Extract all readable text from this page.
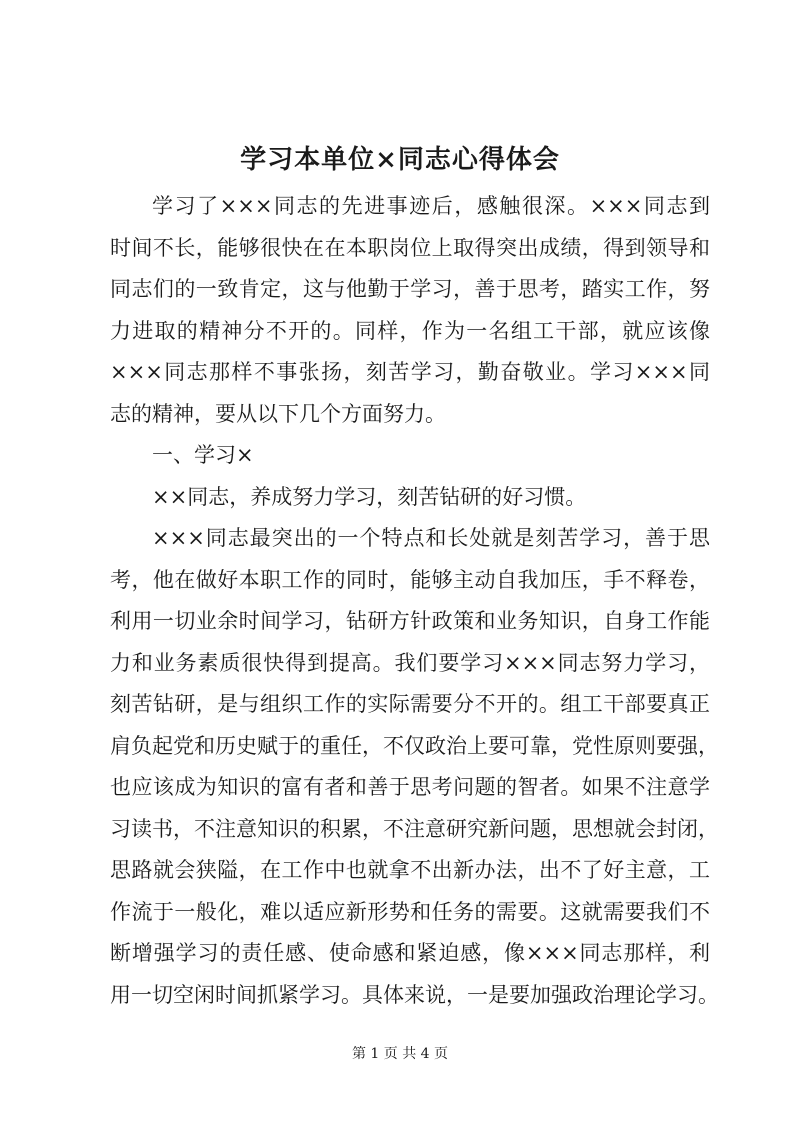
学习本单位×同志心得体会
学习了×××同志的先进事迹后，感触很深。×××同志到
时间不长，能够很快在在本职岗位上取得突出成绩，得到领导和
同志们的一致肯定，这与他勤于学习，善于思考，踏实工作，努
力进取的精神分不开的。同样，作为一名组工干部，就应该像
×××同志那样不事张扬，刻苦学习，勤奋敬业。学习×××同
志的精神，要从以下几个方面努力。
一、学习×
××同志，养成努力学习，刻苦钻研的好习惯。
×××同志最突出的一个特点和长处就是刻苦学习，善于思
考，他在做好本职工作的同时，能够主动自我加压，手不释卷，
利用一切业余时间学习，钻研方针政策和业务知识，自身工作能
力和业务素质很快得到提高。我们要学习×××同志努力学习，
刻苦钻研，是与组织工作的实际需要分不开的。组工干部要真正
肩负起党和历史赋于的重任，不仅政治上要可靠，党性原则要强，
也应该成为知识的富有者和善于思考问题的智者。如果不注意学
习读书，不注意知识的积累，不注意研究新问题，思想就会封闭，
思路就会狭隘，在工作中也就拿不出新办法，出不了好主意，工
作流于一般化，难以适应新形势和任务的需要。这就需要我们不
断增强学习的责任感、使命感和紧迫感，像×××同志那样，利
用一切空闲时间抓紧学习。具体来说，一是要加强政治理论学习。
第 1 页 共 4 页
